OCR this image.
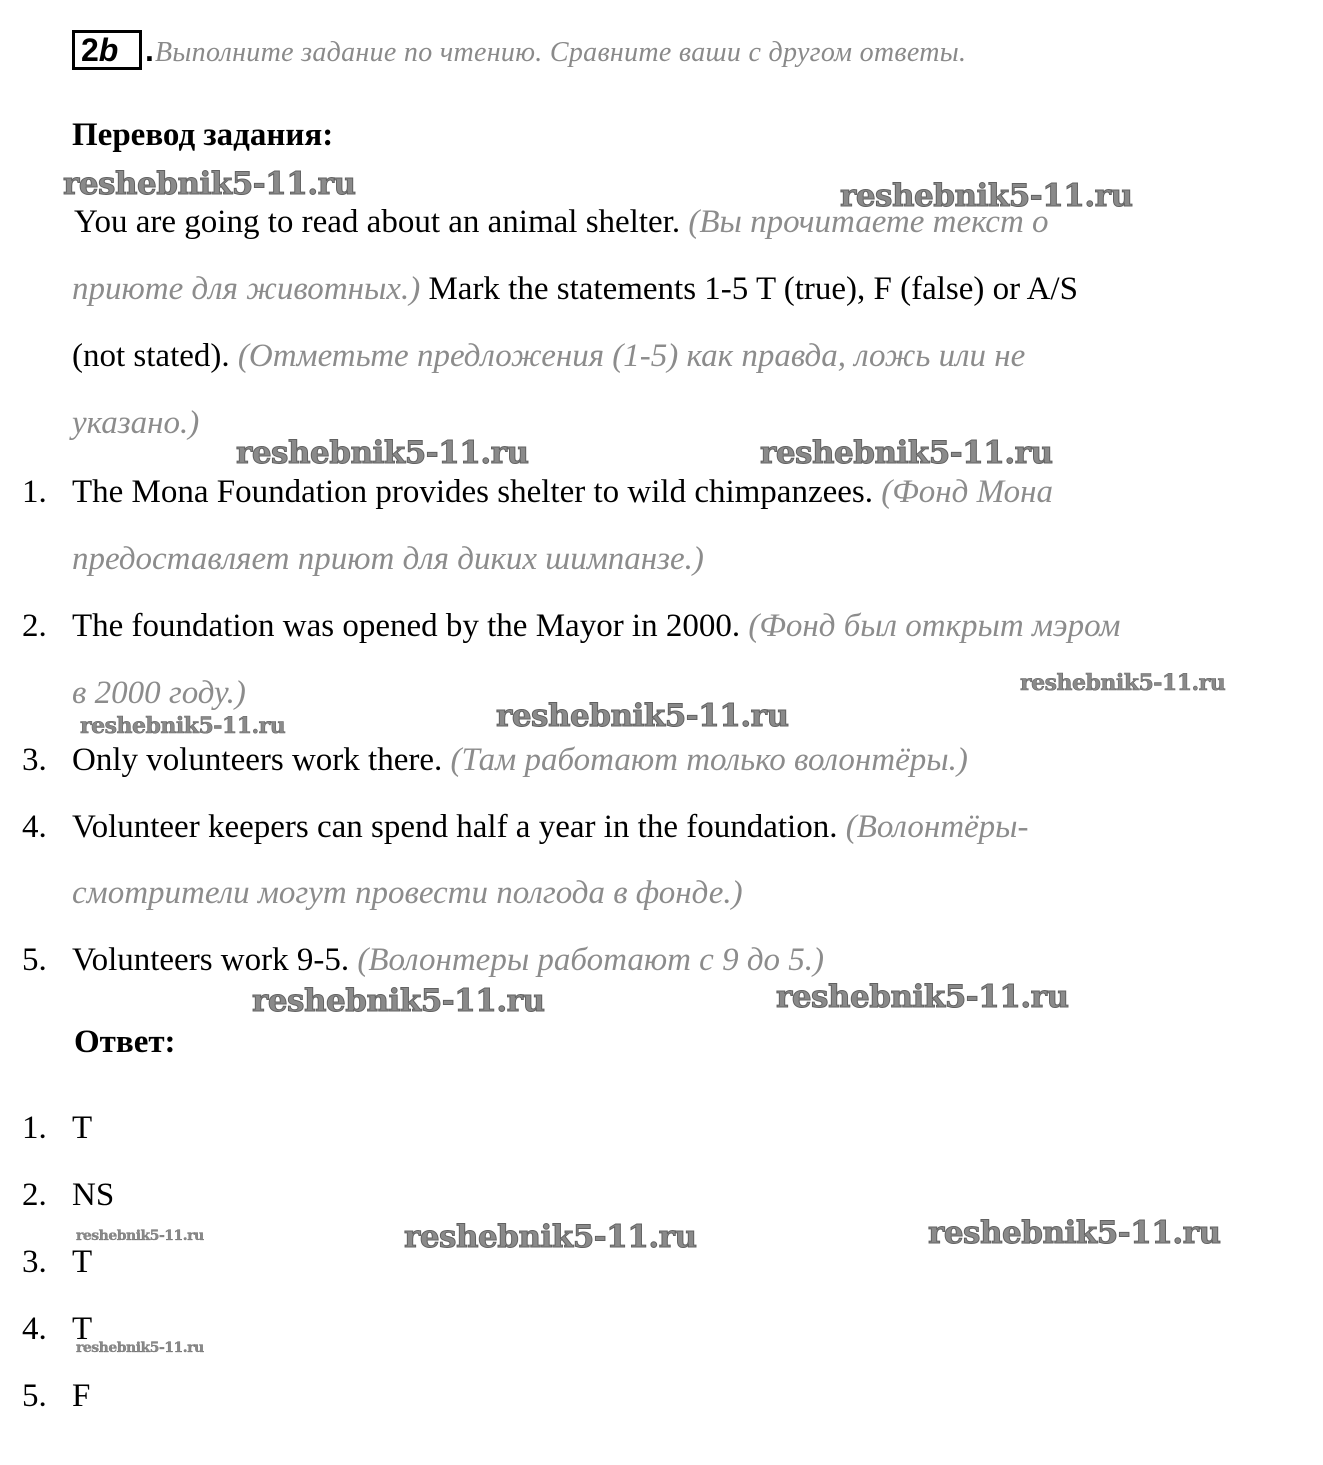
2b . Выполните задание по чтению. Сравните ваши с другом ответы.
Перевод задания:
You are going to read about an animal shelter. (Вы прочитаете текст о
приюте для животных.) Mark the statements 1-5 T (true), F (false) or A/S
(not stated). (Отметьте предложения (1-5) как правда, ложь или не
указано.)
1. The Mona Foundation provides shelter to wild chimpanzees. (Фонд Мона
предоставляет приют для диких шимпанзе.)
2. The foundation was opened by the Mayor in 2000. (Фонд был открыт мэром
в 2000 году.)
3. Only volunteers work there. (Там работают только волонтёры.)
4. Volunteer keepers can spend half a year in the foundation. (Волонтёры-
смотрители могут провести полгода в фонде.)
5. Volunteers work 9-5. (Волонтеры работают с 9 до 5.)
Ответ:
1. T
2. NS
3. T
4. T
5. F
reshebnik5-11.ru	reshebnik5-11.ru
reshebnik5-11.ru	reshebnik5-11.ru
reshebnik5-11.ru
reshebnik5-11.ru	reshebnik5-11.ru
reshebnik5-11.ru	reshebnik5-11.ru
reshebnik5-11.ru	reshebnik5-11.ru	reshebnik5-11.ru
reshebnik5-11.ru
